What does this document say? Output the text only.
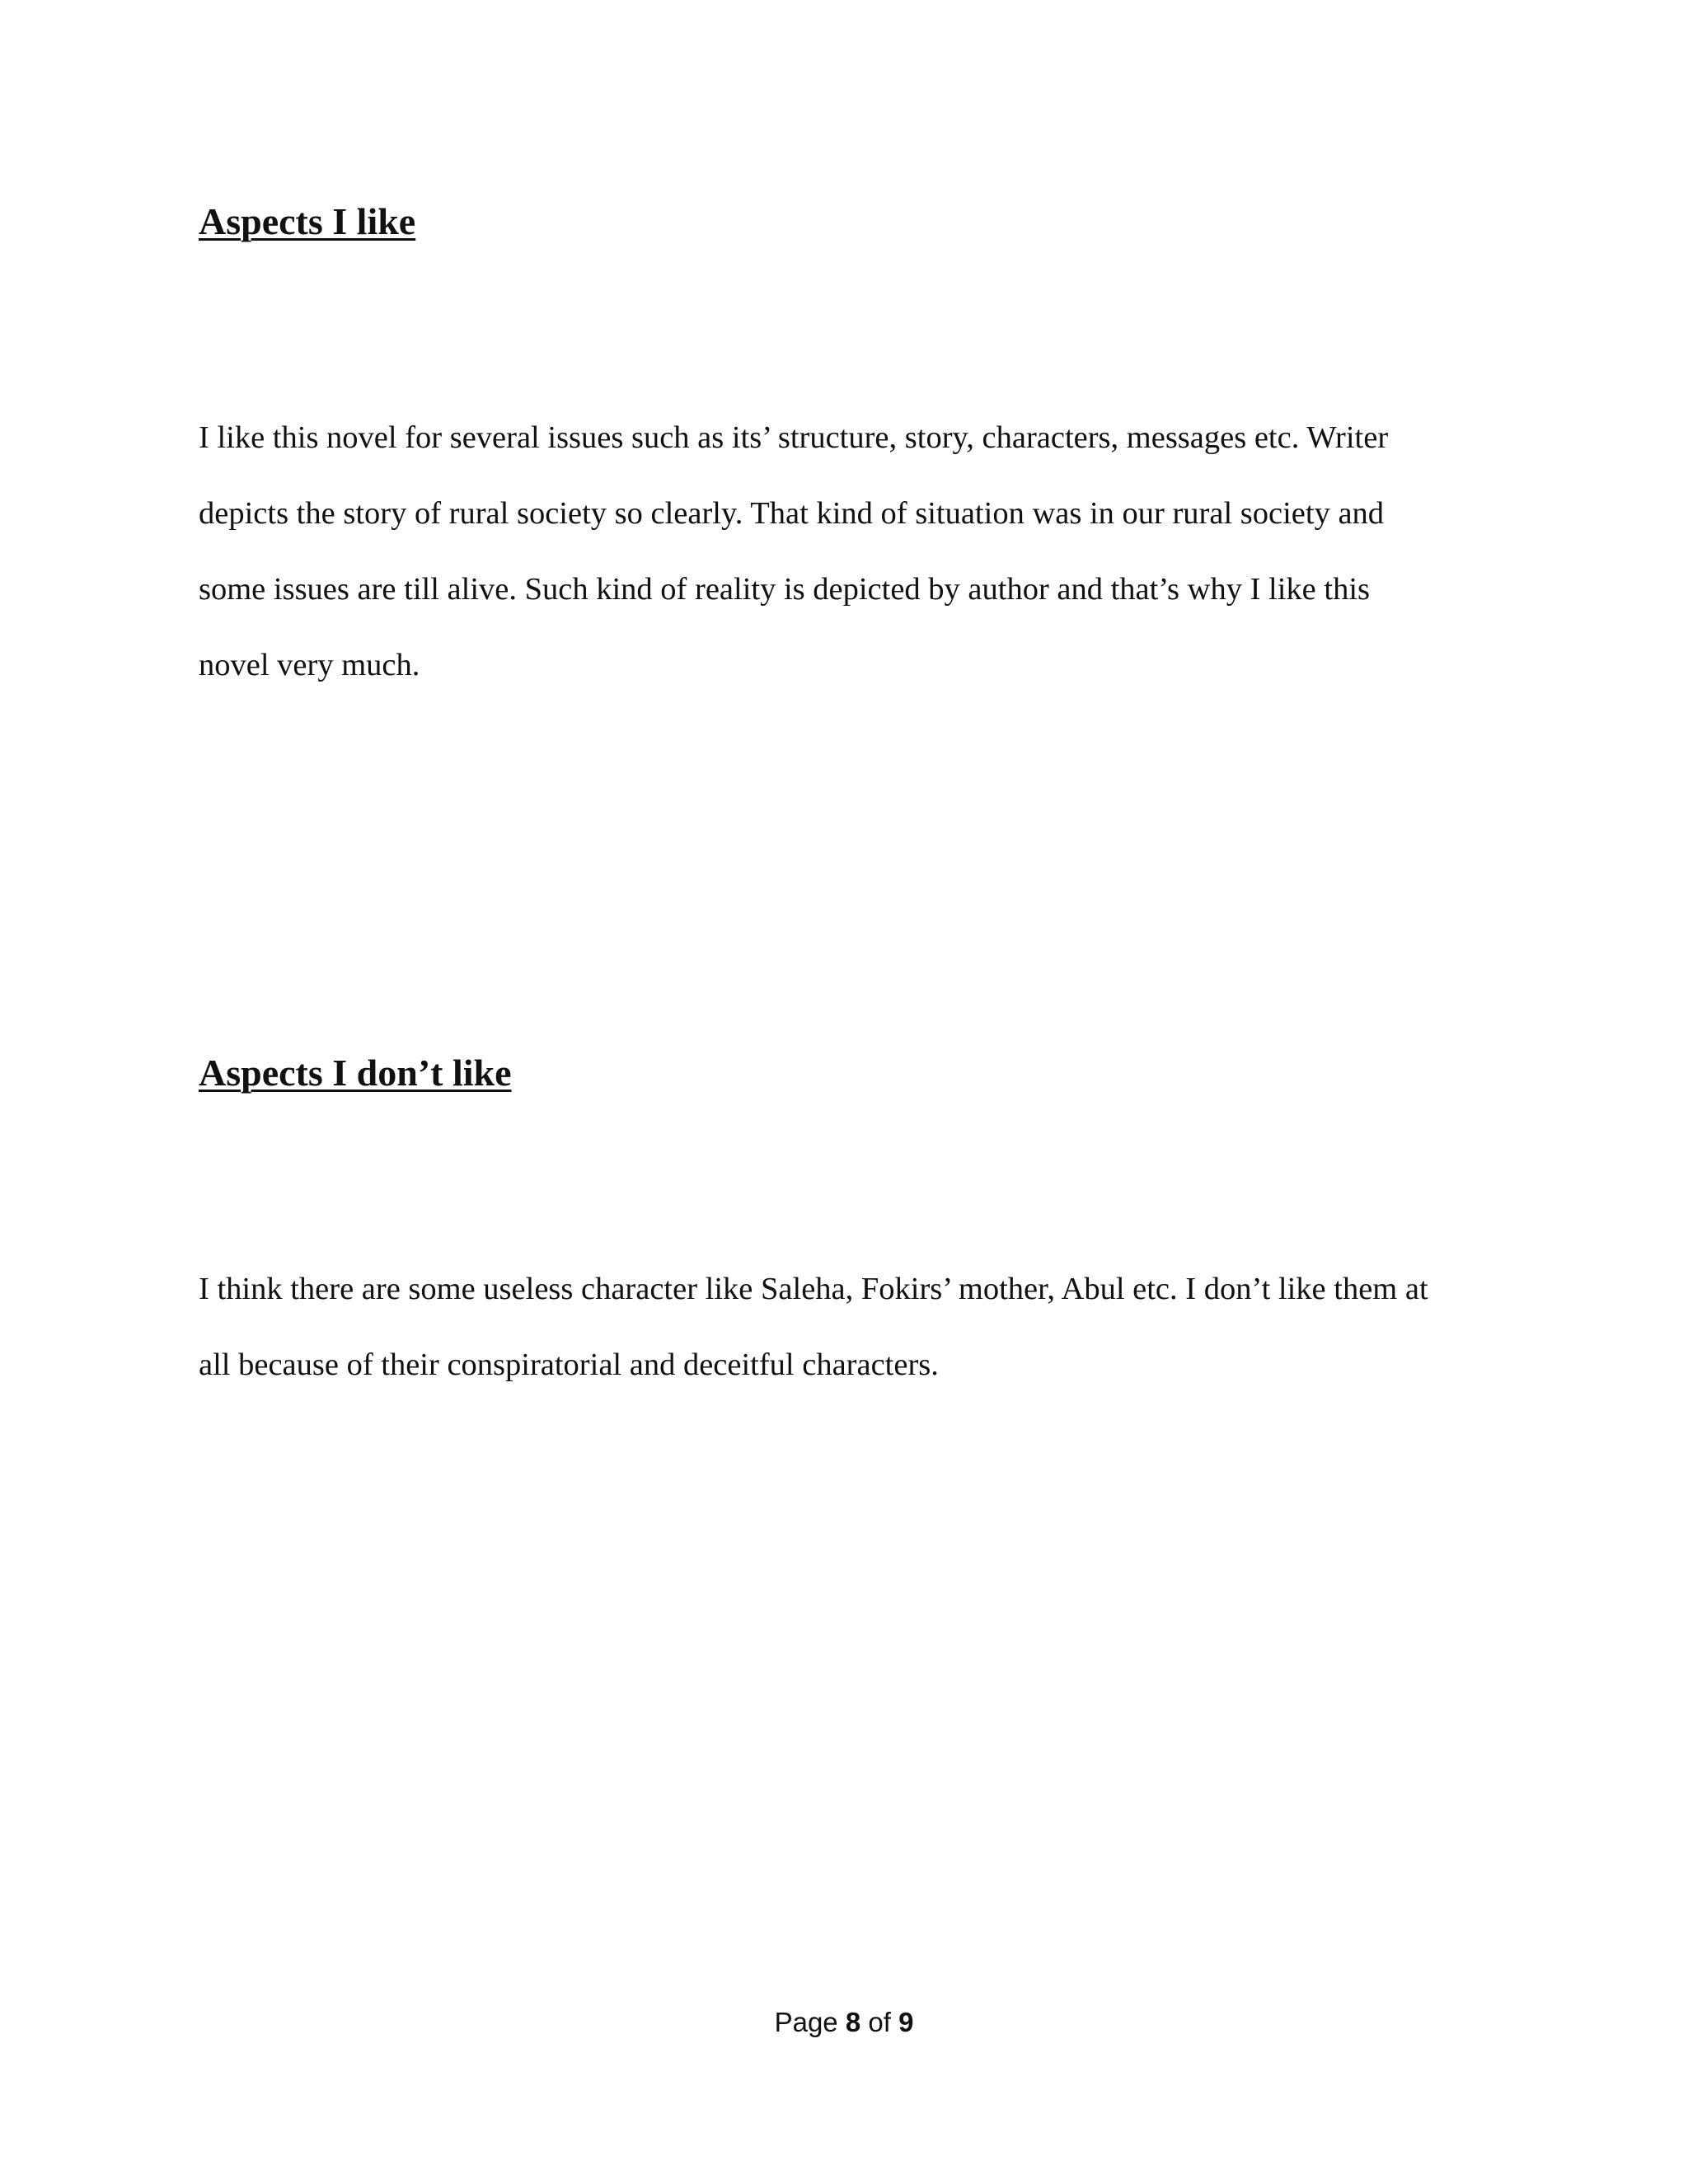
Aspects I like

I like this novel for several issues such as its’ structure, story, characters, messages etc. Writer

depicts the story of rural society so clearly. That kind of situation was in our rural society and

some issues are till alive. Such kind of reality is depicted by author and that’s why I like this

novel very much.

Aspects I don’t like

I think there are some useless character like Saleha, Fokirs’ mother, Abul etc. I don’t like them at

all because of their conspiratorial and deceitful characters.

Page 8 of 9
